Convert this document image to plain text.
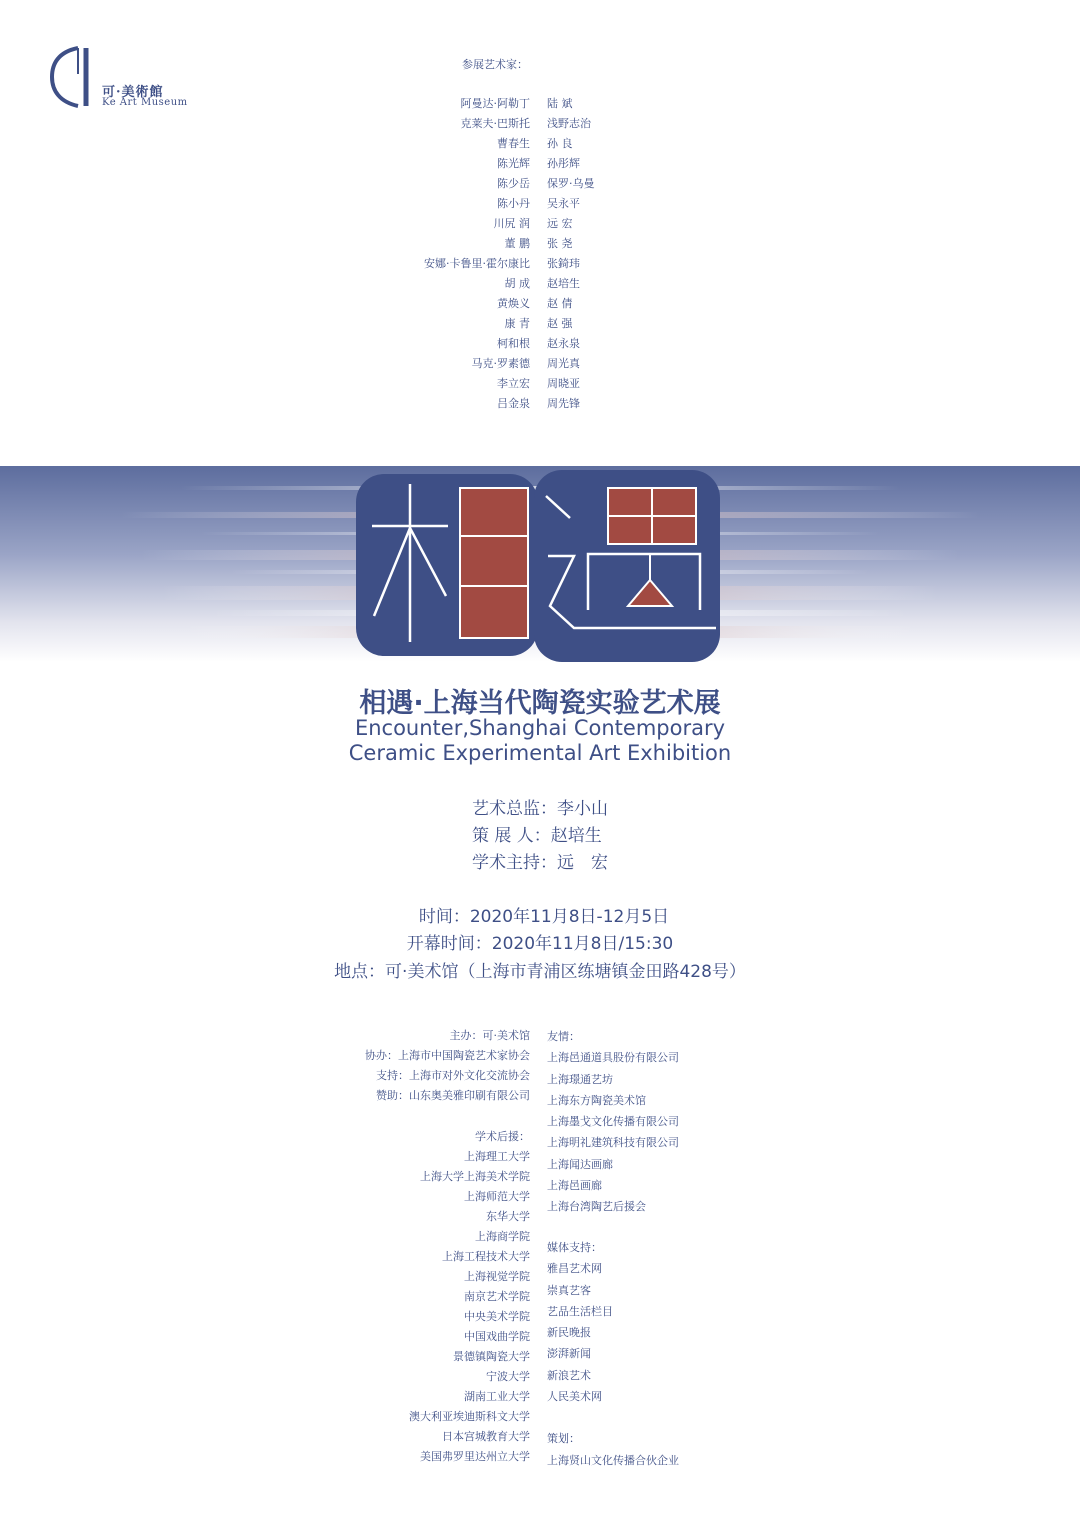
可·美術館
Ke Art Museum
参展艺术家：
阿曼达·阿勒丁
克莱夫·巴斯托
曹春生
陈光辉
陈少岳
陈小丹
川尻 润
董 鹏
安娜·卡鲁里·霍尔康比
胡 成
黄焕义
康 青
柯和根
马克·罗素德
李立宏
吕金泉
陆 斌
浅野志治
孙 良
孙彤辉
保罗·乌曼
吴永平
远 宏
张 尧
张錡玮
赵培生
赵 倩
赵 强
赵永泉
周光真
周晓亚
周先锋
相遇·上海当代陶瓷实验艺术展
Encounter,Shanghai Contemporary
Ceramic Experimental Art Exhibition
艺术总监：李小山
策 展 人：赵培生
学术主持：远　宏
时间：2020年11月8日-12月5日
开幕时间：2020年11月8日/15:30
地点：可·美术馆（上海市青浦区练塘镇金田路428号）
主办：可·美术馆
协办：上海市中国陶瓷艺术家协会
支持：上海市对外文化交流协会
赞助：山东奥美雅印刷有限公司
学术后援：
上海理工大学
上海大学上海美术学院
上海师范大学
东华大学
上海商学院
上海工程技术大学
上海视觉学院
南京艺术学院
中央美术学院
中国戏曲学院
景德镇陶瓷大学
宁波大学
湖南工业大学
澳大利亚埃迪斯科文大学
日本宫城教育大学
美国弗罗里达州立大学
友情：
上海邑通道具股份有限公司
上海璟通艺坊
上海东方陶瓷美术馆
上海墨戈文化传播有限公司
上海明礼建筑科技有限公司
上海闻达画廊
上海邑画廊
上海台湾陶艺后援会
媒体支持：
雅昌艺术网
崇真艺客
艺品生活栏目
新民晚报
澎湃新闻
新浪艺术
人民美术网
策划：
上海贤山文化传播合伙企业
